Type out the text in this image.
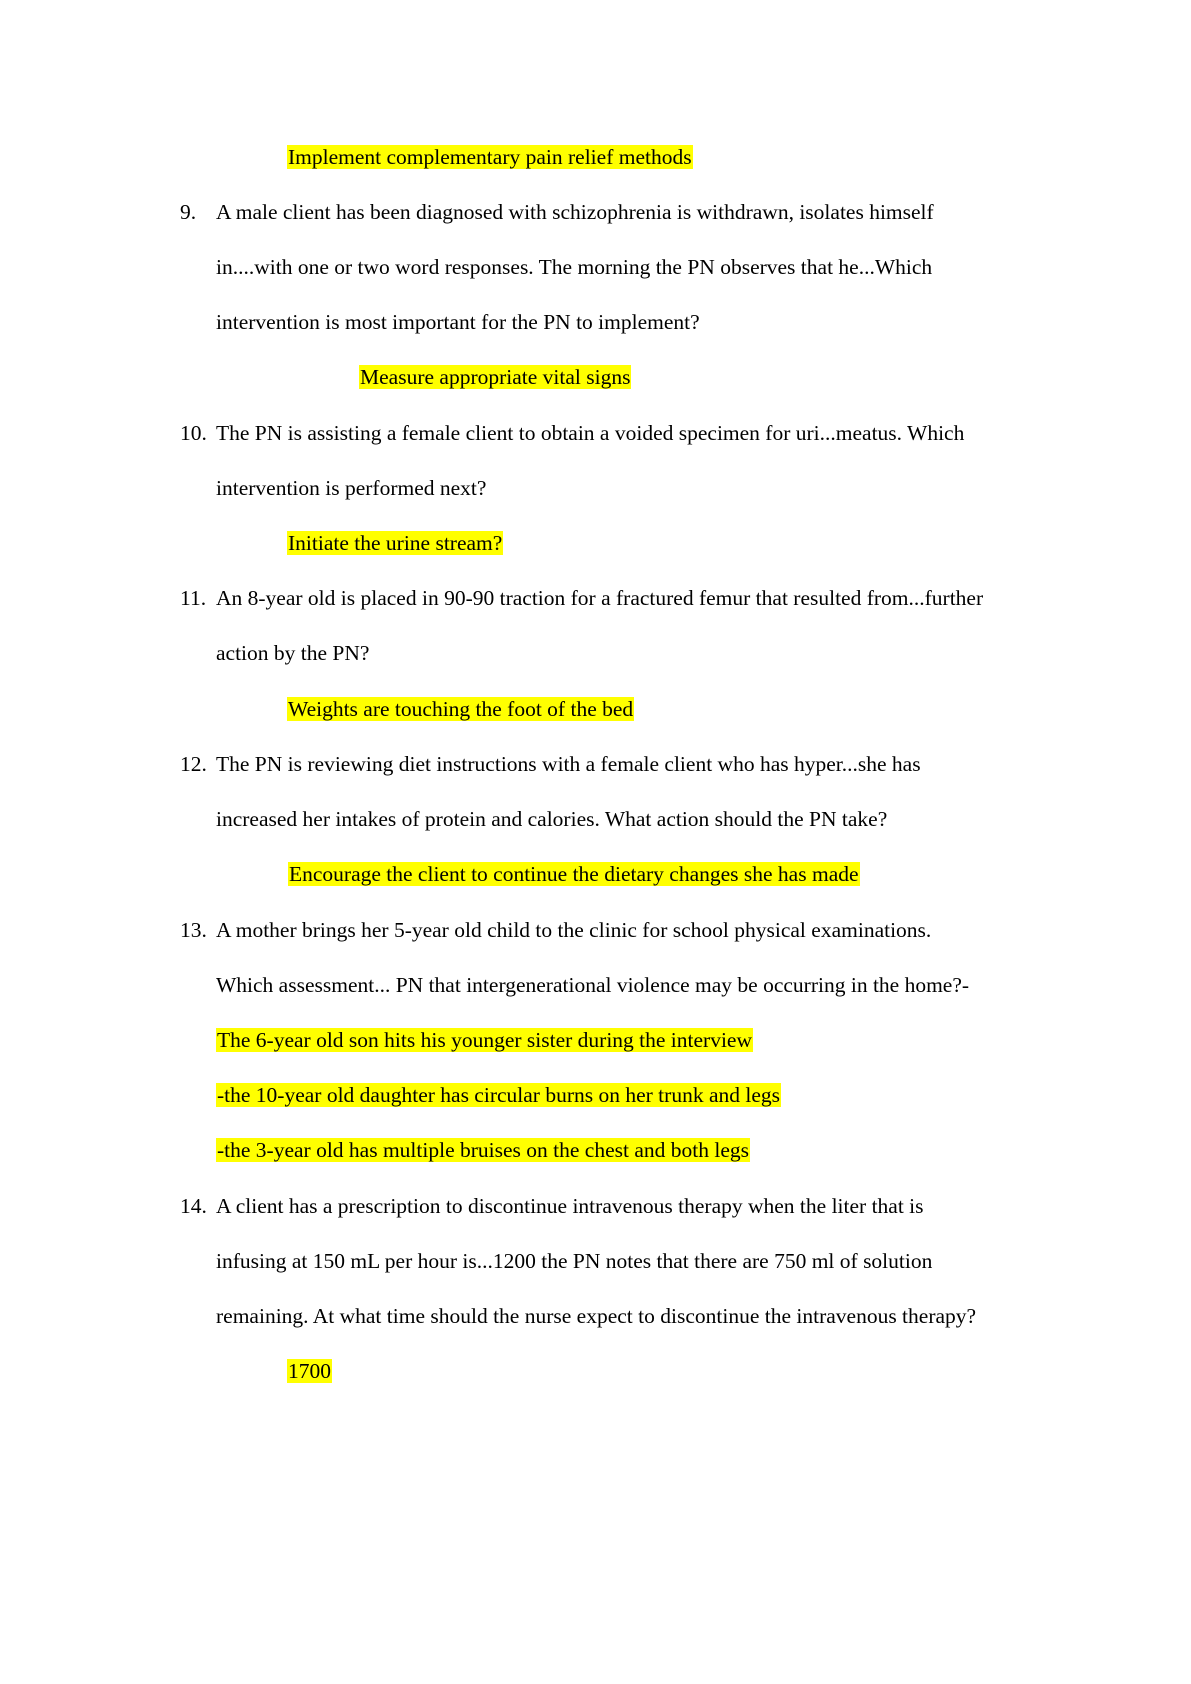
Implement complementary pain relief methods
9. A male client has been diagnosed with schizophrenia is withdrawn, isolates himself
in....with one or two word responses. The morning the PN observes that he...Which
intervention is most important for the PN to implement?
Measure appropriate vital signs
10. The PN is assisting a female client to obtain a voided specimen for uri...meatus. Which
intervention is performed next?
Initiate the urine stream?
11. An 8-year old is placed in 90-90 traction for a fractured femur that resulted from...further
action by the PN?
Weights are touching the foot of the bed
12. The PN is reviewing diet instructions with a female client who has hyper...she has
increased her intakes of protein and calories. What action should the PN take?
Encourage the client to continue the dietary changes she has made
13. A mother brings her 5-year old child to the clinic for school physical examinations.
Which assessment... PN that intergenerational violence may be occurring in the home?-
The 6-year old son hits his younger sister during the interview
-the 10-year old daughter has circular burns on her trunk and legs
-the 3-year old has multiple bruises on the chest and both legs
14. A client has a prescription to discontinue intravenous therapy when the liter that is
infusing at 150 mL per hour is...1200 the PN notes that there are 750 ml of solution
remaining. At what time should the nurse expect to discontinue the intravenous therapy?
1700
